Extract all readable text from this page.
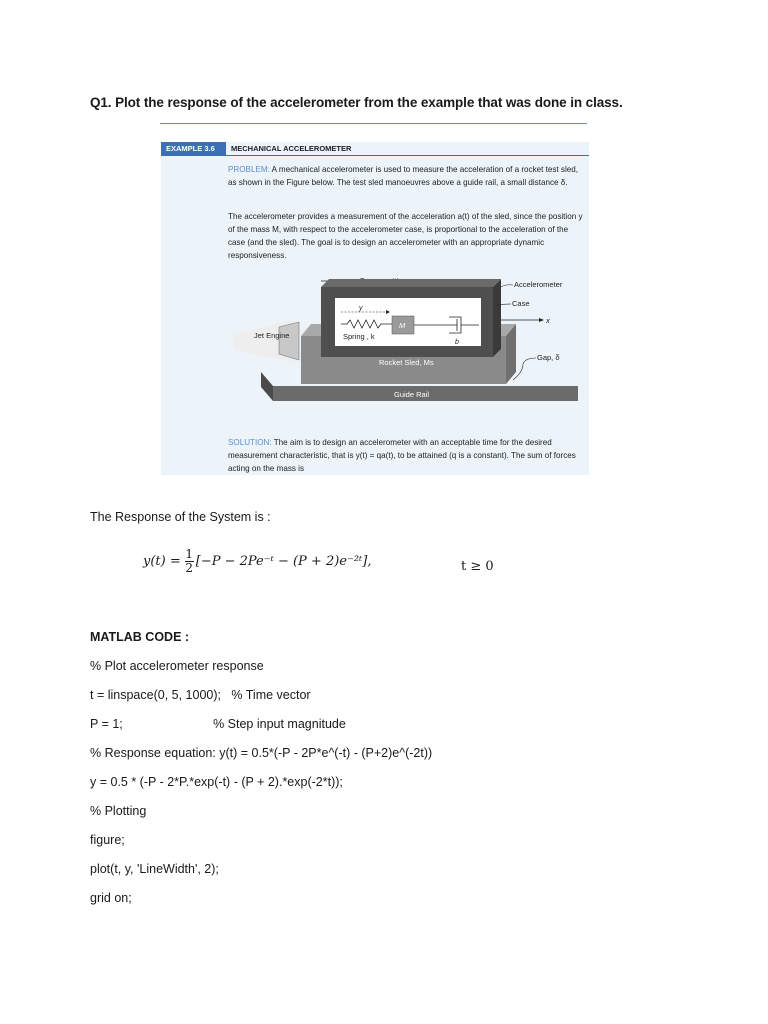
Q1. Plot the response of the accelerometer from the example that was done in class.
EXAMPLE 3.6	MECHANICAL ACCELEROMETER
PROBLEM: A mechanical accelerometer is used to measure the acceleration of a rocket test sled, as shown in the Figure below. The test sled manoeuvres above a guide rail, a small distance δ.
The accelerometer provides a measurement of the acceleration a(t) of the sled, since the position y of the mass M, with respect to the accelerometer case, is proportional to the acceleration of the case (and the sled). The goal is to design an accelerometer with an appropriate dynamic responsiveness.
Jet Engine
Guide Rail
Rocket Sled, Ms
y
Spring , k
M
b
Accelerometer
Case
x
Gap, δ
SOLUTION: The aim is to design an accelerometer with an acceptable time for the desired measurement characteristic, that is y(t) = qa(t), to be attained (q is a constant). The sum of forces acting on the mass is
The Response of the System is :
y(t) = 1
2 [−P − 2Pe⁻ᵗ − (P + 2)e⁻²ᵗ],	t ≥ 0
MATLAB CODE :
% Plot accelerometer response
t = linspace(0, 5, 1000);   % Time vector
P = 1;                          % Step input magnitude
% Response equation: y(t) = 0.5*(-P - 2P*e^(-t) - (P+2)e^(-2t))
y = 0.5 * (-P - 2*P.*exp(-t) - (P + 2).*exp(-2*t));
% Plotting
figure;
plot(t, y, 'LineWidth', 2);
grid on;
